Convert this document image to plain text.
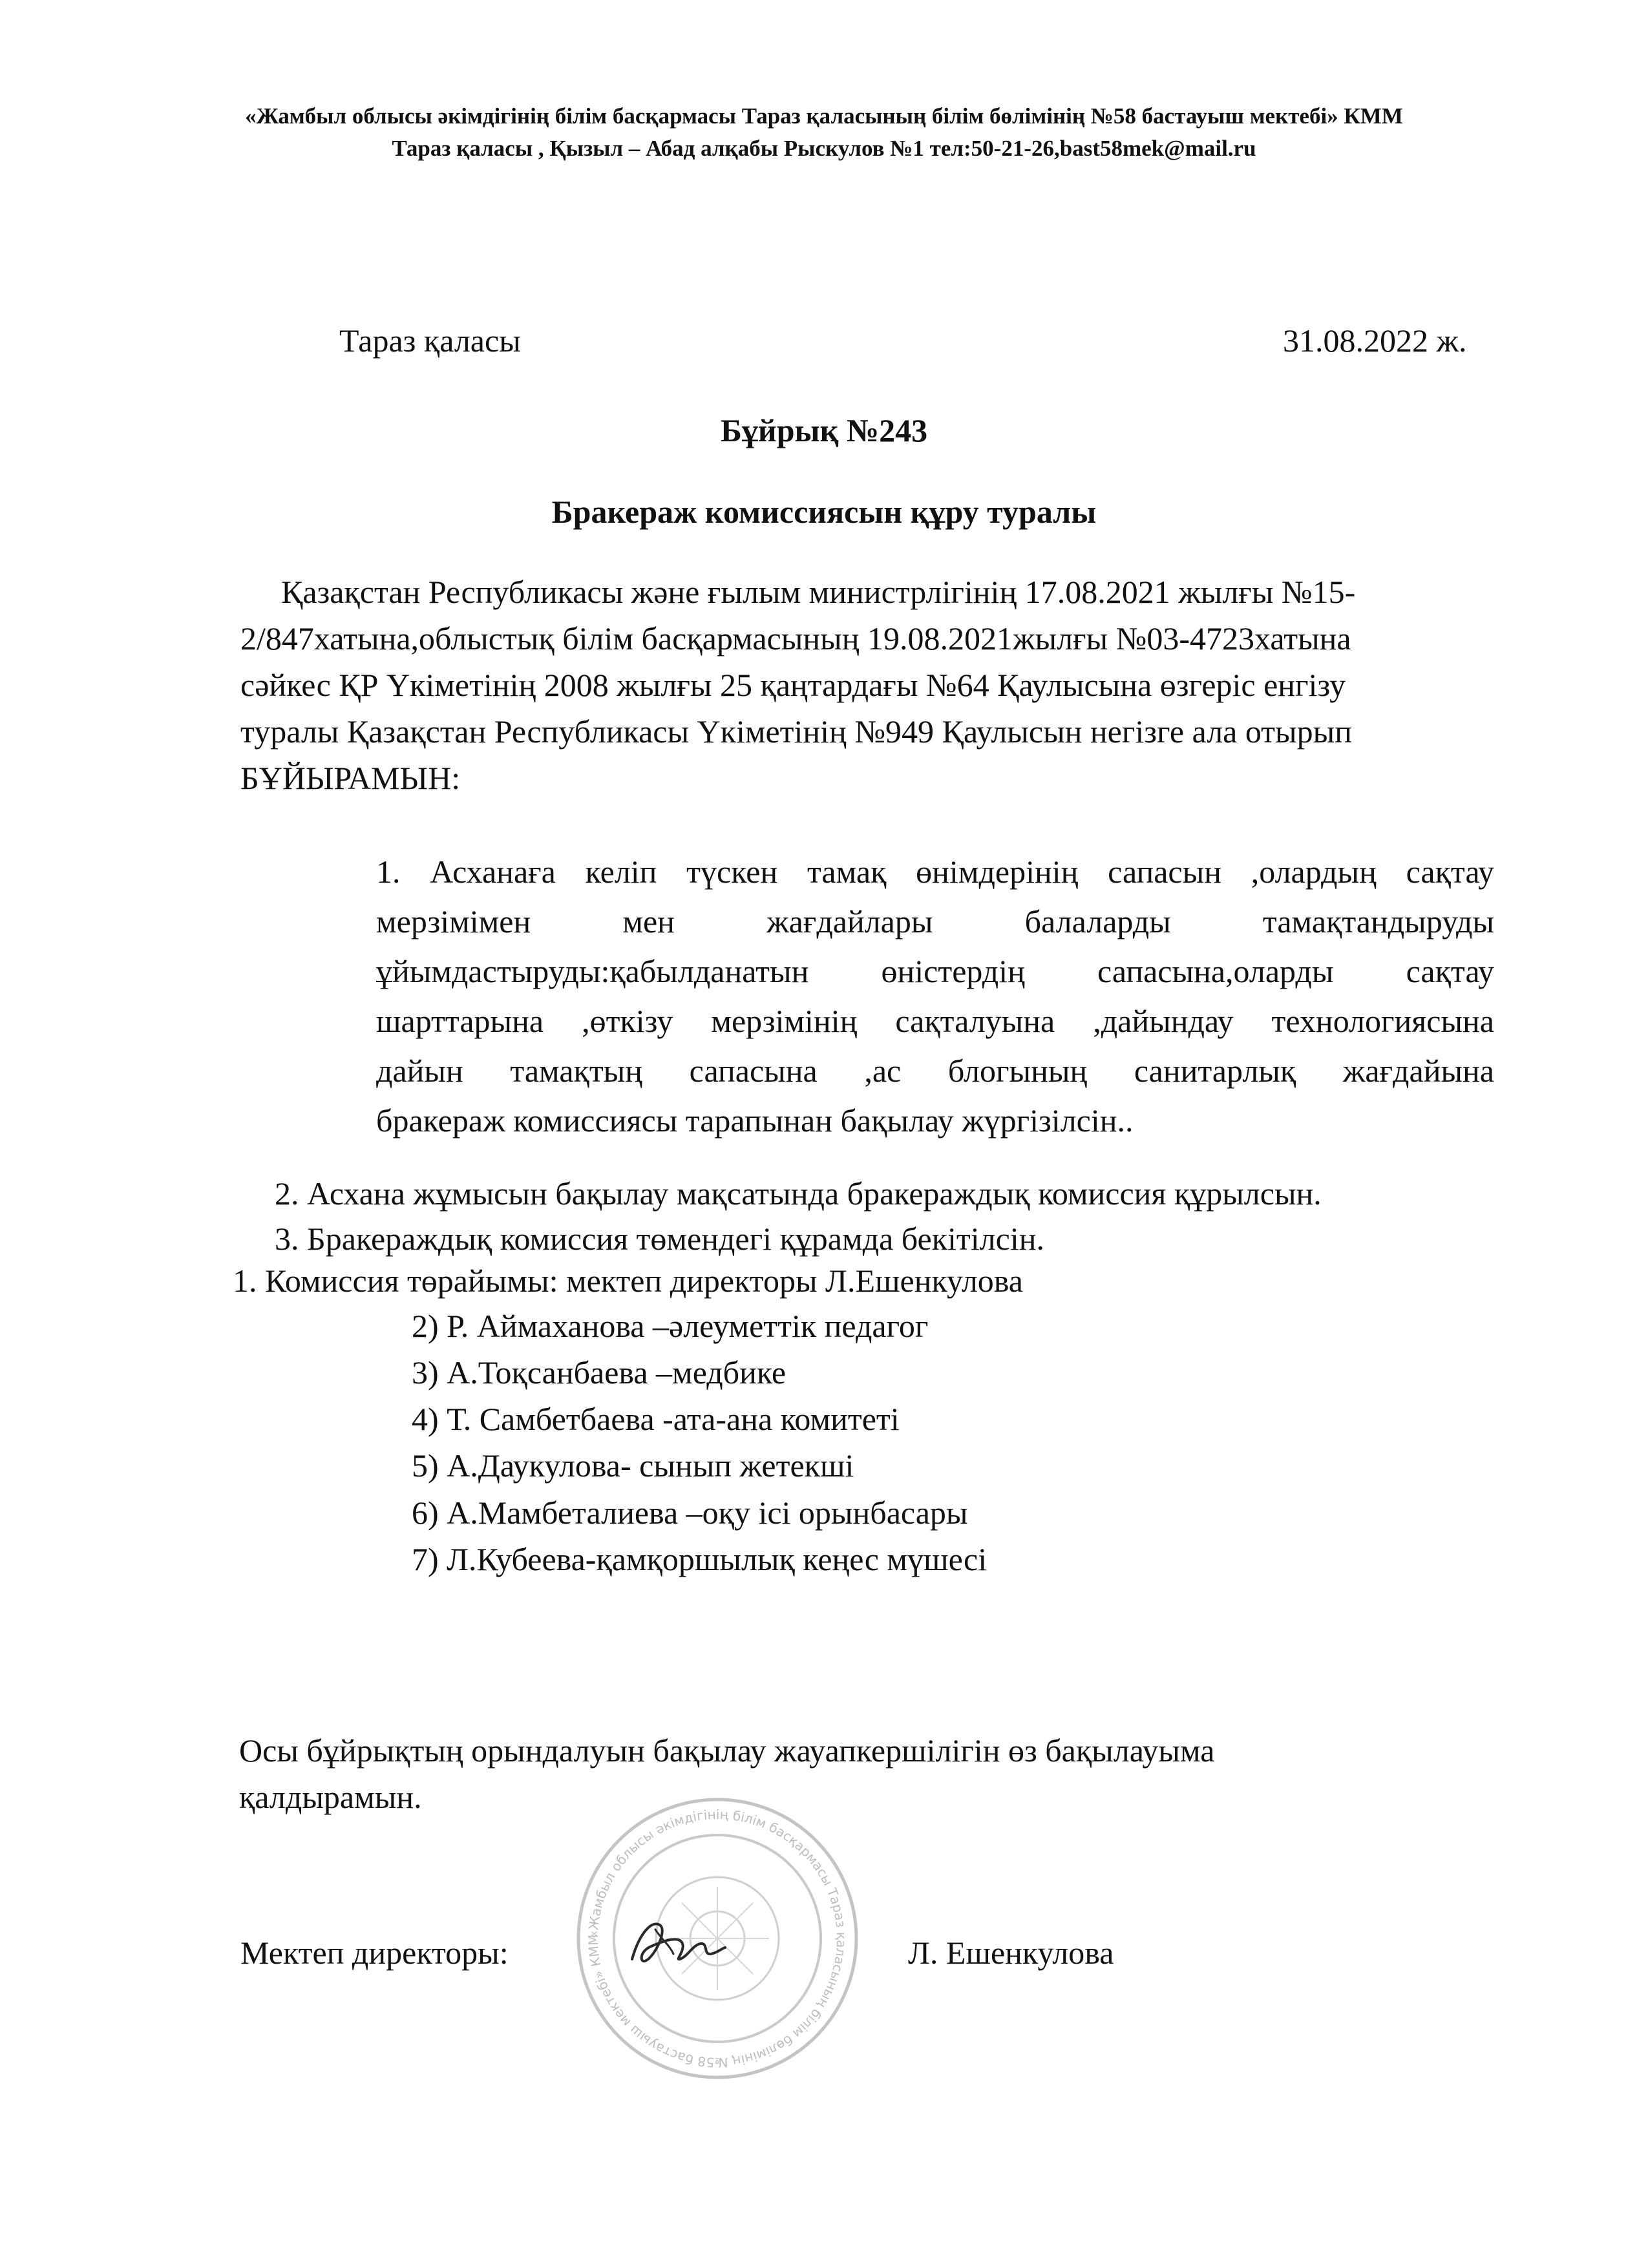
«Жамбыл облысы әкімдігінің білім басқармасы Тараз қаласының білім бөлімінің №58 бастауыш мектебі» КММ
Тараз қаласы , Қызыл – Абад алқабы Рыскулов №1 тел:50-21-26,bast58mek@mail.ru
Тараз қаласы	31.08.2022 ж.
Бұйрық №243
Бракераж комиссиясын құру туралы
Қазақстан Республикасы және ғылым министрлігінің 17.08.2021 жылғы №15-
2/847хатына,облыстық білім басқармасының 19.08.2021жылғы №03-4723хатына
сәйкес ҚР Үкіметінің 2008 жылғы 25 қаңтардағы №64 Қаулысына өзгеріс енгізу
туралы Қазақстан Республикасы Үкіметінің №949 Қаулысын негізге ала отырып
БҰЙЫРАМЫН:
1. Асханаға келіп түскен тамақ өнімдерінің сапасын ,олардың сақтау
мерзімімен мен жағдайлары балаларды тамақтандыруды
ұйымдастыруды:қабылданатын өністердің сапасына,оларды сақтау
шарттарына ,өткізу мерзімінің сақталуына ,дайындау технологиясына
дайын тамақтың сапасына ,ас блогының санитарлық жағдайына
бракераж комиссиясы тарапынан бақылау жүргізілсін..
2. Асхана жұмысын бақылау мақсатында бракераждық комиссия құрылсын.
3. Бракераждық комиссия төмендегі құрамда бекітілсін.
1. Комиссия төрайымы: мектеп директоры Л.Ешенкулова
2) Р. Аймаханова –әлеуметтік педагог
3) А.Тоқсанбаева –медбике
4) Т. Самбетбаева -ата-ана комитеті
5) А.Даукулова- сынып жетекші
6) А.Мамбеталиева –оқу ісі орынбасары
7) Л.Кубеева-қамқоршылық кеңес мүшесі
Осы бұйрықтың орындалуын бақылау жауапкершілігін өз бақылауыма
қалдырамын.
«Жамбыл облысы әкімдігінің білім басқармасы Тараз қаласының білім бөлімінің №58 бастауыш мектебі» КММ
Мектеп директоры:	Л. Ешенкулова
